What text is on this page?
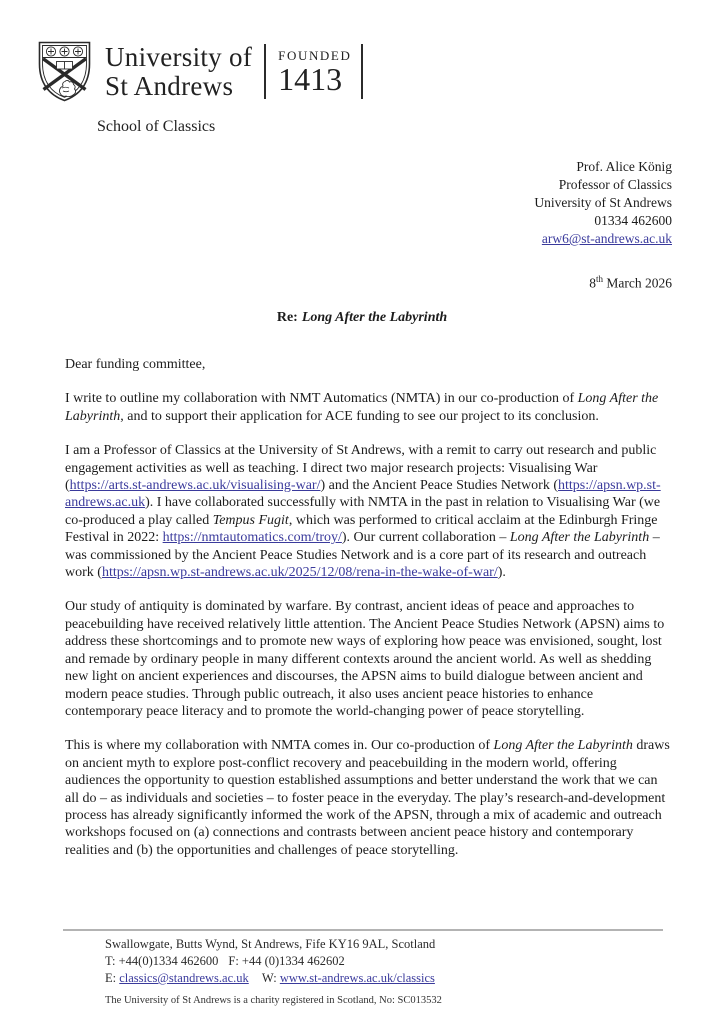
University of
St Andrews
FOUNDED
1413
School of Classics
Prof. Alice König
Professor of Classics
University of St Andrews
01334 462600
arw6@st-andrews.ac.uk
8th March 2026
Re: Long After the Labyrinth

Dear funding committee,

I write to outline my collaboration with NMT Automatics (NMTA) in our co-production of Long After the Labyrinth, and to support their application for ACE funding to see our project to its conclusion.

I am a Professor of Classics at the University of St Andrews, with a remit to carry out research and public engagement activities as well as teaching. I direct two major research projects: Visualising War (https://arts.st-andrews.ac.uk/visualising-war/) and the Ancient Peace Studies Network (https://apsn.wp.st-andrews.ac.uk). I have collaborated successfully with NMTA in the past in relation to Visualising War (we co-produced a play called Tempus Fugit, which was performed to critical acclaim at the Edinburgh Fringe Festival in 2022: https://nmtautomatics.com/troy/). Our current collaboration – Long After the Labyrinth – was commissioned by the Ancient Peace Studies Network and is a core part of its research and outreach work (https://apsn.wp.st-andrews.ac.uk/2025/12/08/rena-in-the-wake-of-war/).

Our study of antiquity is dominated by warfare. By contrast, ancient ideas of peace and approaches to peacebuilding have received relatively little attention. The Ancient Peace Studies Network (APSN) aims to address these shortcomings and to promote new ways of exploring how peace was envisioned, sought, lost and remade by ordinary people in many different contexts around the ancient world. As well as shedding new light on ancient experiences and discourses, the APSN aims to build dialogue between ancient and modern peace studies. Through public outreach, it also uses ancient peace histories to enhance contemporary peace literacy and to promote the world-changing power of peace storytelling.

This is where my collaboration with NMTA comes in. Our co-production of Long After the Labyrinth draws on ancient myth to explore post-conflict recovery and peacebuilding in the modern world, offering audiences the opportunity to question established assumptions and better understand the work that we can all do – as individuals and societies – to foster peace in the everyday. The play’s research-and-development process has already significantly informed the work of the APSN, through a mix of academic and outreach workshops focused on (a) connections and contrasts between ancient peace history and contemporary realities and (b) the opportunities and challenges of peace storytelling.

Swallowgate, Butts Wynd, St Andrews, Fife KY16 9AL, Scotland
T: +44(0)1334 462600 F: +44 (0)1334 462602
E: classics@standrews.ac.uk W: www.st-andrews.ac.uk/classics
The University of St Andrews is a charity registered in Scotland, No: SC013532
